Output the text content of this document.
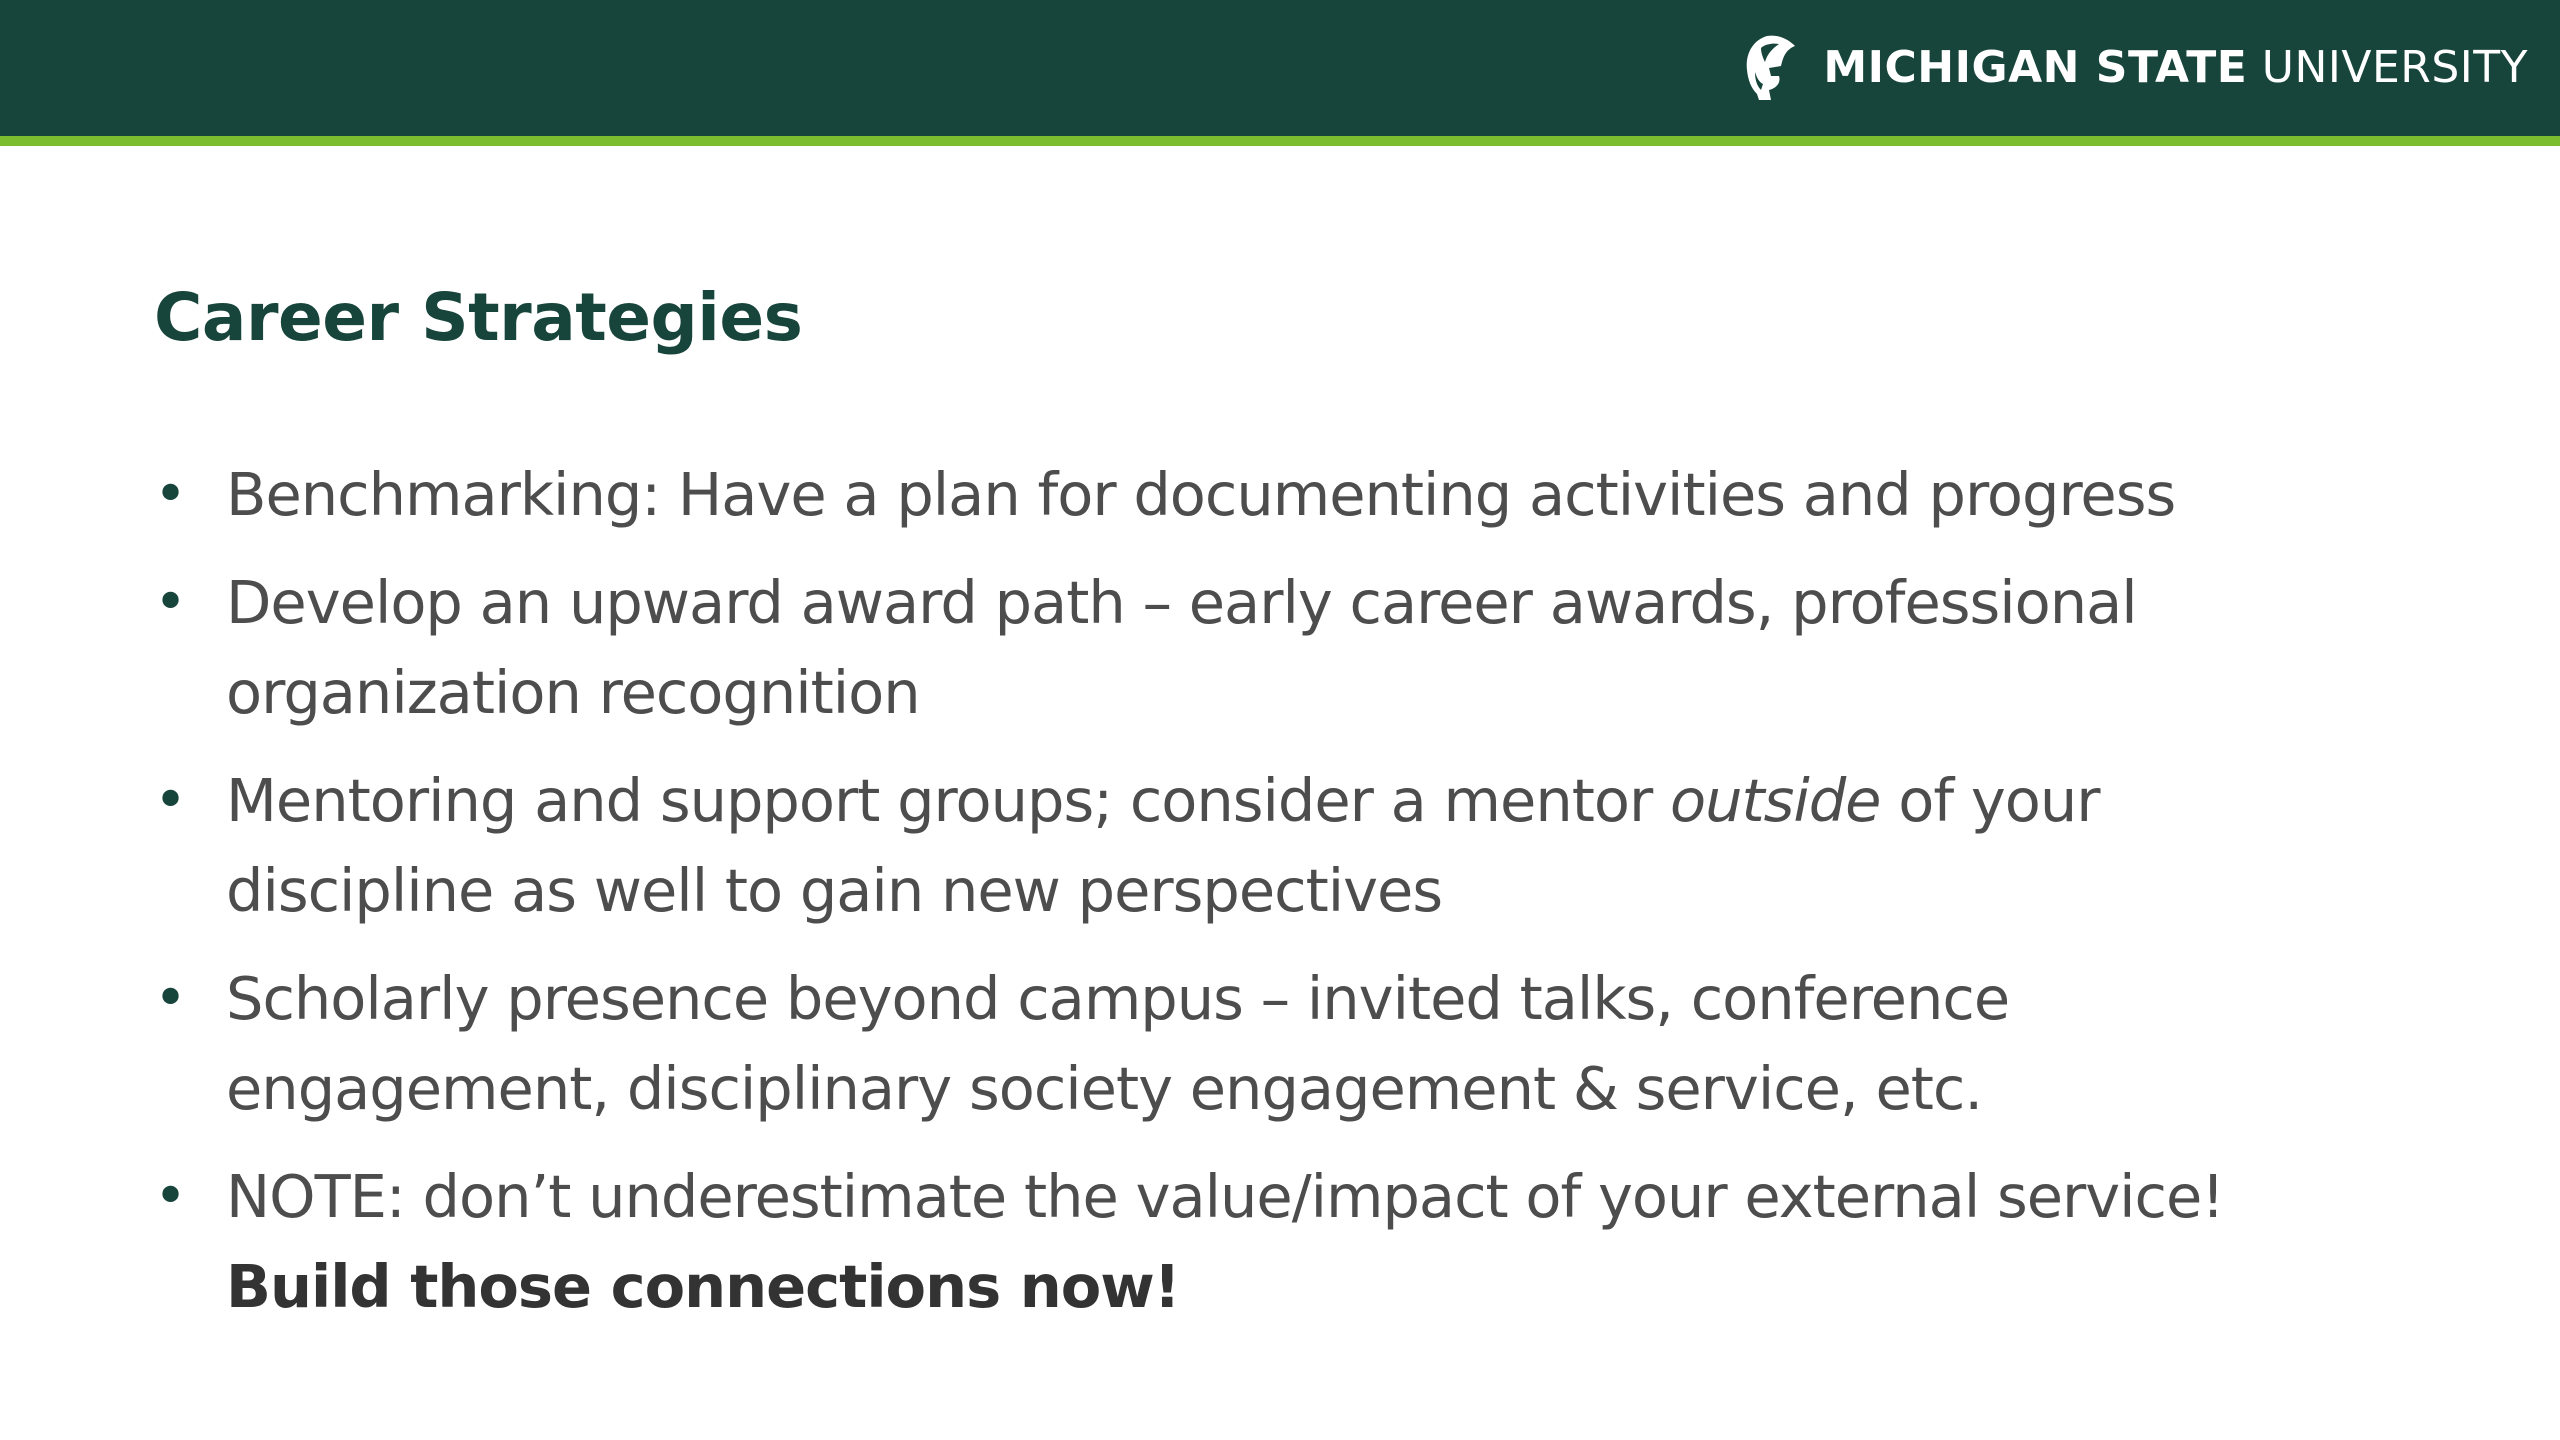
MICHIGAN STATE UNIVERSITY
Career Strategies
• Benchmarking: Have a plan for documenting activities and progress
• Develop an upward award path – early career awards, professional
organization recognition
• Mentoring and support groups; consider a mentor outside of your
discipline as well to gain new perspectives
• Scholarly presence beyond campus – invited talks, conference
engagement, disciplinary society engagement & service, etc.
• NOTE: don’t underestimate the value/impact of your external service!
Build those connections now!
